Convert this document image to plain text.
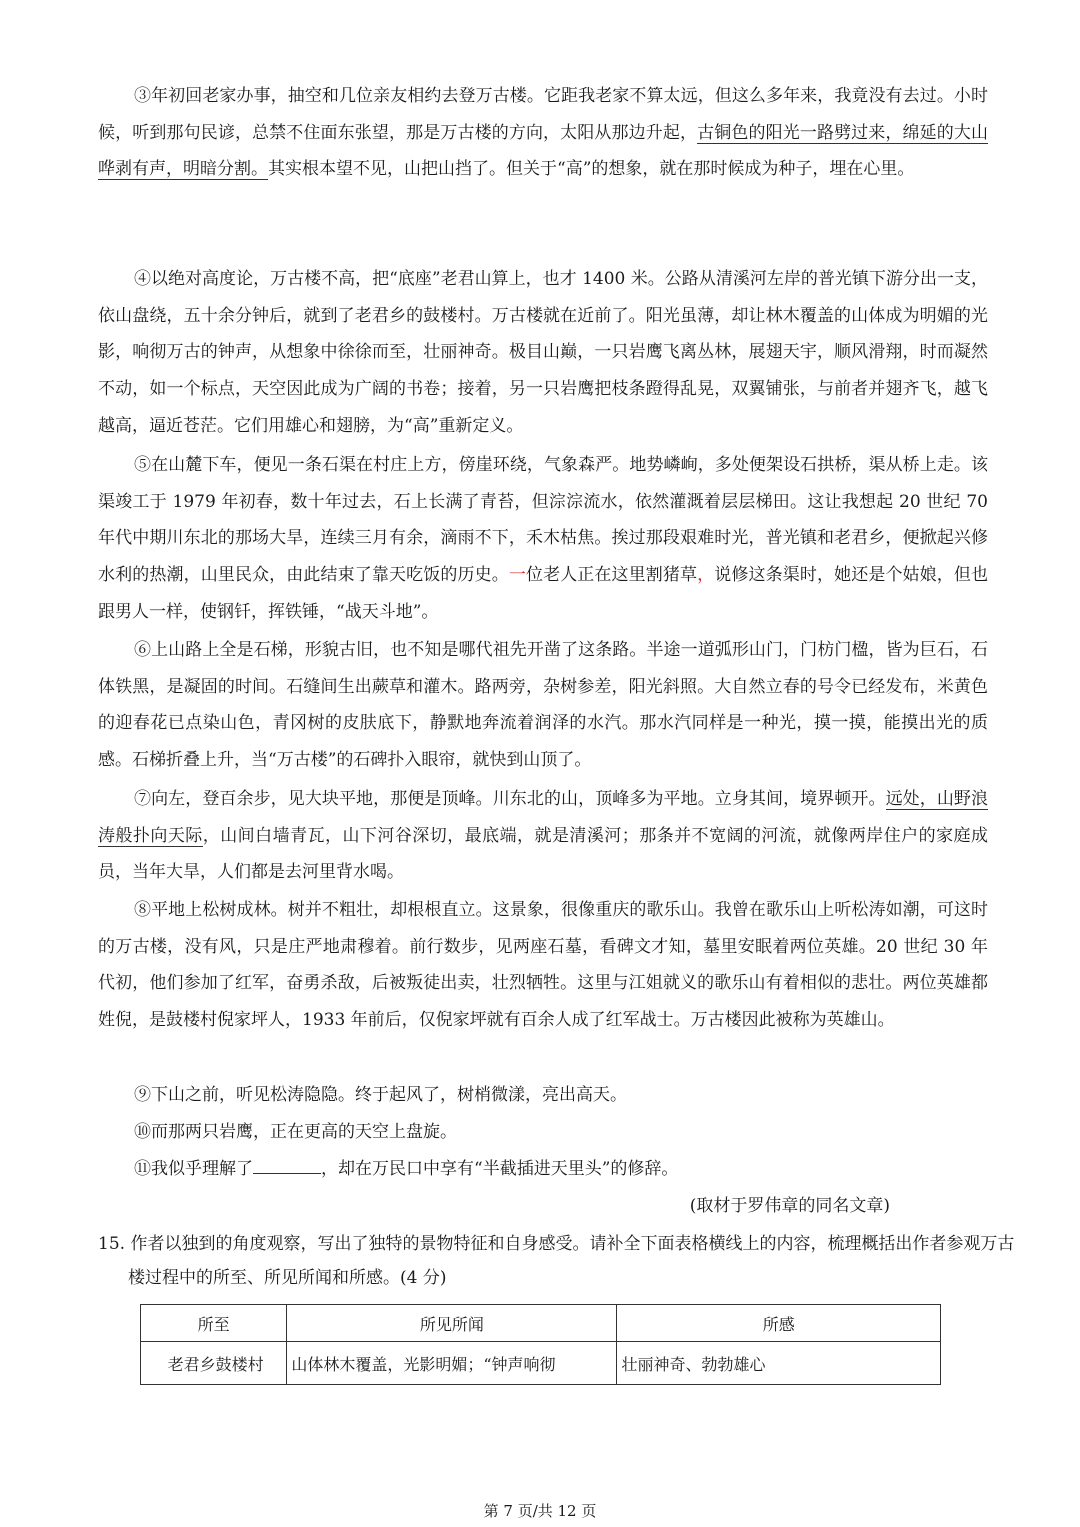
③年初回老家办事，抽空和几位亲友相约去登万古楼。它距我老家不算太远，但这么多年来，我竟没有去过。小时候，听到那句民谚，总禁不住面东张望，那是万古楼的方向，太阳从那边升起，古铜色的阳光一路劈过来，绵延的大山哗剥有声，明暗分割。其实根本望不见，山把山挡了。但关于“高”的想象，就在那时候成为种子，埋在心里。

④以绝对高度论，万古楼不高，把“底座”老君山算上，也才 1400 米。公路从清溪河左岸的普光镇下游分出一支，依山盘绕，五十余分钟后，就到了老君乡的鼓楼村。万古楼就在近前了。阳光虽薄，却让林木覆盖的山体成为明媚的光影，响彻万古的钟声，从想象中徐徐而至，壮丽神奇。极目山巅，一只岩鹰飞离丛林，展翅天宇，顺风滑翔，时而凝然不动，如一个标点，天空因此成为广阔的书卷；接着，另一只岩鹰把枝条蹬得乱晃，双翼铺张，与前者并翅齐飞，越飞越高，逼近苍茫。它们用雄心和翅膀，为“高”重新定义。

⑤在山麓下车，便见一条石渠在村庄上方，傍崖环绕，气象森严。地势嶙峋，多处便架设石拱桥，渠从桥上走。该渠竣工于 1979 年初春，数十年过去，石上长满了青苔，但淙淙流水，依然灌溉着层层梯田。这让我想起 20 世纪 70 年代中期川东北的那场大旱，连续三月有余，滴雨不下，禾木枯焦。挨过那段艰难时光，普光镇和老君乡，便掀起兴修水利的热潮，山里民众，由此结束了靠天吃饭的历史。一位老人正在这里割猪草，说修这条渠时，她还是个姑娘，但也跟男人一样，使钢钎，挥铁锤，“战天斗地”。

⑥上山路上全是石梯，形貌古旧，也不知是哪代祖先开凿了这条路。半途一道弧形山门，门枋门楹，皆为巨石，石体铁黑，是凝固的时间。石缝间生出蕨草和灌木。路两旁，杂树参差，阳光斜照。大自然立春的号令已经发布，米黄色的迎春花已点染山色，青冈树的皮肤底下，静默地奔流着润泽的水汽。那水汽同样是一种光，摸一摸，能摸出光的质感。石梯折叠上升，当“万古楼”的石碑扑入眼帘，就快到山顶了。

⑦向左，登百余步，见大块平地，那便是顶峰。川东北的山，顶峰多为平地。立身其间，境界顿开。远处，山野浪涛般扑向天际，山间白墙青瓦，山下河谷深切，最底端，就是清溪河；那条并不宽阔的河流，就像两岸住户的家庭成员，当年大旱，人们都是去河里背水喝。

⑧平地上松树成林。树并不粗壮，却根根直立。这景象，很像重庆的歌乐山。我曾在歌乐山上听松涛如潮，可这时的万古楼，没有风，只是庄严地肃穆着。前行数步，见两座石墓，看碑文才知，墓里安眠着两位英雄。20 世纪 30 年代初，他们参加了红军，奋勇杀敌，后被叛徒出卖，壮烈牺牲。这里与江姐就义的歌乐山有着相似的悲壮。两位英雄都姓倪，是鼓楼村倪家坪人，1933 年前后，仅倪家坪就有百余人成了红军战士。万古楼因此被称为英雄山。

⑨下山之前，听见松涛隐隐。终于起风了，树梢微漾，亮出高天。

⑩而那两只岩鹰，正在更高的天空上盘旋。

⑪我似乎理解了	，却在万民口中享有“半截插进天里头”的修辞。

(取材于罗伟章的同名文章)

15. 作者以独到的角度观察，写出了独特的景物特征和自身感受。请补全下面表格横线上的内容，梳理概括出作者参观万古楼过程中的所至、所见所闻和所感。(4 分)

所至	所见所闻	所感
老君乡鼓楼村	山体林木覆盖，光影明媚；“钟声响彻	壮丽神奇、勃勃雄心

第 7 页/共 12 页
